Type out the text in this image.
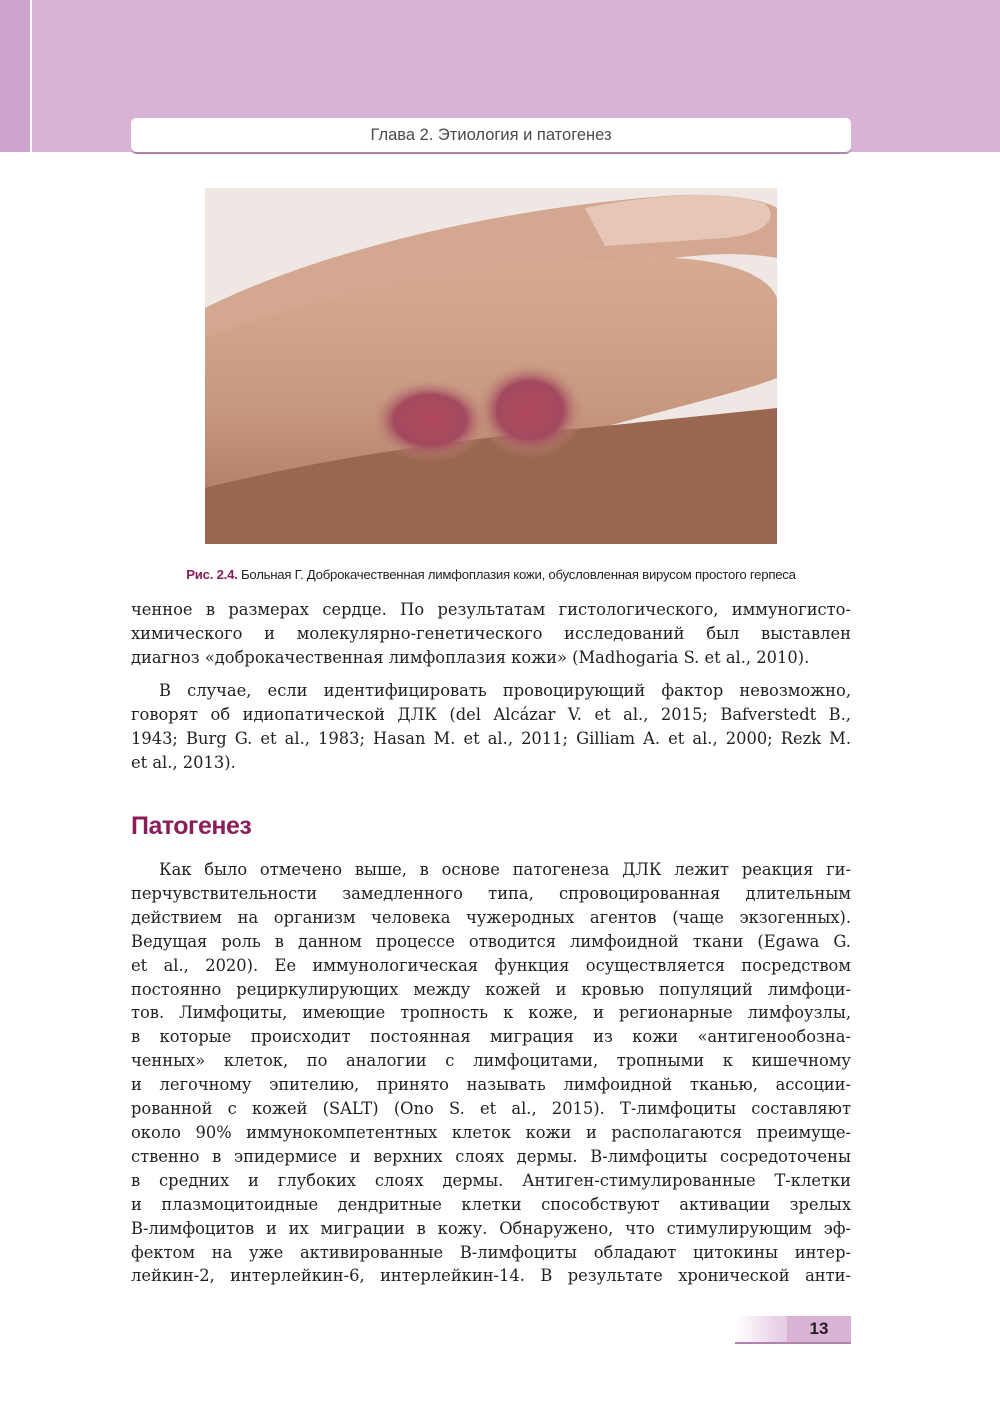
Глава 2. Этиология и патогенез
Рис. 2.4. Больная Г. Доброкачественная лимфоплазия кожи, обусловленная вирусом простого герпеса

ченное в размерах сердце. По результатам гистологического, иммуногисто-
химического и молекулярно-генетического исследований был выставлен
диагноз «доброкачественная лимфоплазия кожи» (Madhogaria S. et al., 2010).

В случае, если идентифицировать провоцирующий фактор невозможно,
говорят об идиопатической ДЛК (del Alcázar V. et al., 2015; Bafverstedt B.,
1943; Burg G. et al., 1983; Hasan M. et al., 2011; Gilliam A. et al., 2000; Rezk M.
et al., 2013).

Патогенез

Как было отмечено выше, в основе патогенеза ДЛК лежит реакция ги-
перчувствительности замедленного типа, спровоцированная длительным
действием на организм человека чужеродных агентов (чаще экзогенных).
Ведущая роль в данном процессе отводится лимфоидной ткани (Egawa G.
et al., 2020). Ее иммунологическая функция осуществляется посредством
постоянно рециркулирующих между кожей и кровью популяций лимфоци-
тов. Лимфоциты, имеющие тропность к коже, и регионарные лимфоузлы,
в которые происходит постоянная миграция из кожи «антигенообозна-
ченных» клеток, по аналогии с лимфоцитами, тропными к кишечному
и легочному эпителию, принято называть лимфоидной тканью, ассоции-
рованной с кожей (SALT) (Ono S. et al., 2015). Т-лимфоциты составляют
около 90% иммунокомпетентных клеток кожи и располагаются преимуще-
ственно в эпидермисе и верхних слоях дермы. В-лимфоциты сосредоточены
в средних и глубоких слоях дермы. Антиген-стимулированные Т-клетки
и плазмоцитоидные дендритные клетки способствуют активации зрелых
В-лимфоцитов и их миграции в кожу. Обнаружено, что стимулирующим эф-
фектом на уже активированные В-лимфоциты обладают цитокины интер-
лейкин-2, интерлейкин-6, интерлейкин-14. В результате хронической анти-

13
